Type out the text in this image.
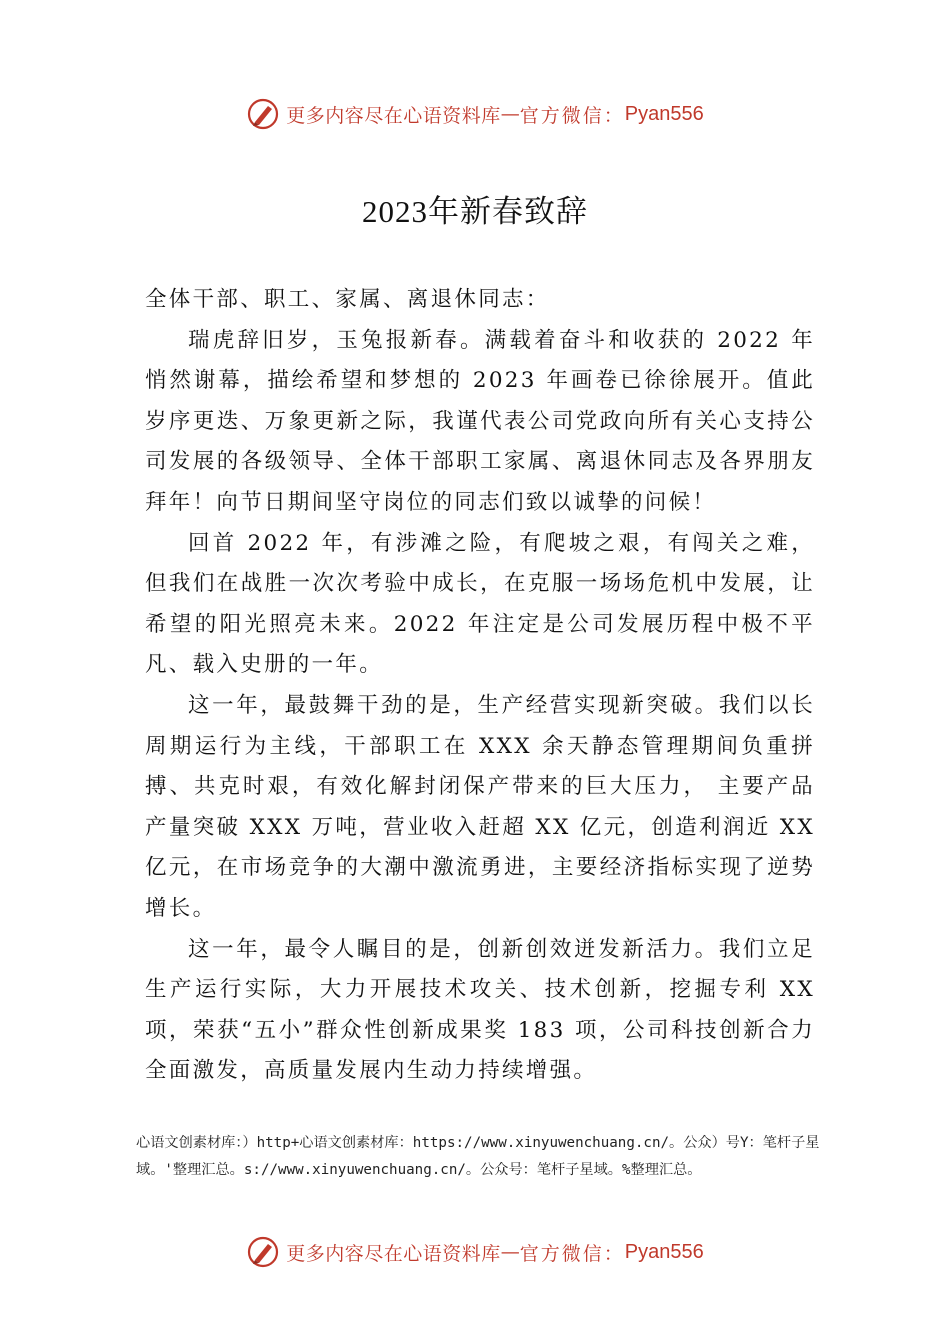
更多内容尽在心语资料库 — 官方微信： Pyan556
2023年新春致辞

全体干部、职工、家属、离退休同志：

瑞虎辞旧岁，玉兔报新春。满载着奋斗和收获的 2022 年悄然谢幕，描绘希望和梦想的 2023 年画卷已徐徐展开。值此岁序更迭、万象更新之际，我谨代表公司党政向所有关心支持公司发展的各级领导、全体干部职工家属、离退休同志及各界朋友拜年！向节日期间坚守岗位的同志们致以诚挚的问候！

回首 2022 年，有涉滩之险，有爬坡之艰，有闯关之难，但我们在战胜一次次考验中成长，在克服一场场危机中发展，让希望的阳光照亮未来。2022 年注定是公司发展历程中极不平凡、载入史册的一年。

这一年，最鼓舞干劲的是，生产经营实现新突破。我们以长周期运行为主线，干部职工在 XXX 余天静态管理期间负重拼搏、共克时艰，有效化解封闭保产带来的巨大压力， 主要产品产量突破 XXX 万吨，营业收入赶超 XX 亿元，创造利润近 XX 亿元，在市场竞争的大潮中激流勇进，主要经济指标实现了逆势增长。

这一年，最令人瞩目的是，创新创效迸发新活力。我们立足生产运行实际，大力开展技术攻关、技术创新，挖掘专利 XX 项，荣获“五小”群众性创新成果奖 183 项，公司科技创新合力全面激发，高质量发展内生动力持续增强。

心语文创素材库：）http+心语文创素材库：https://www.xinyuwenchuang.cn/。公众）号Y：笔杆子星域。'整理汇总。s://www.xinyuwenchuang.cn/。公众号：笔杆子星域。%整理汇总。
更多内容尽在心语资料库 — 官方微信： Pyan556
